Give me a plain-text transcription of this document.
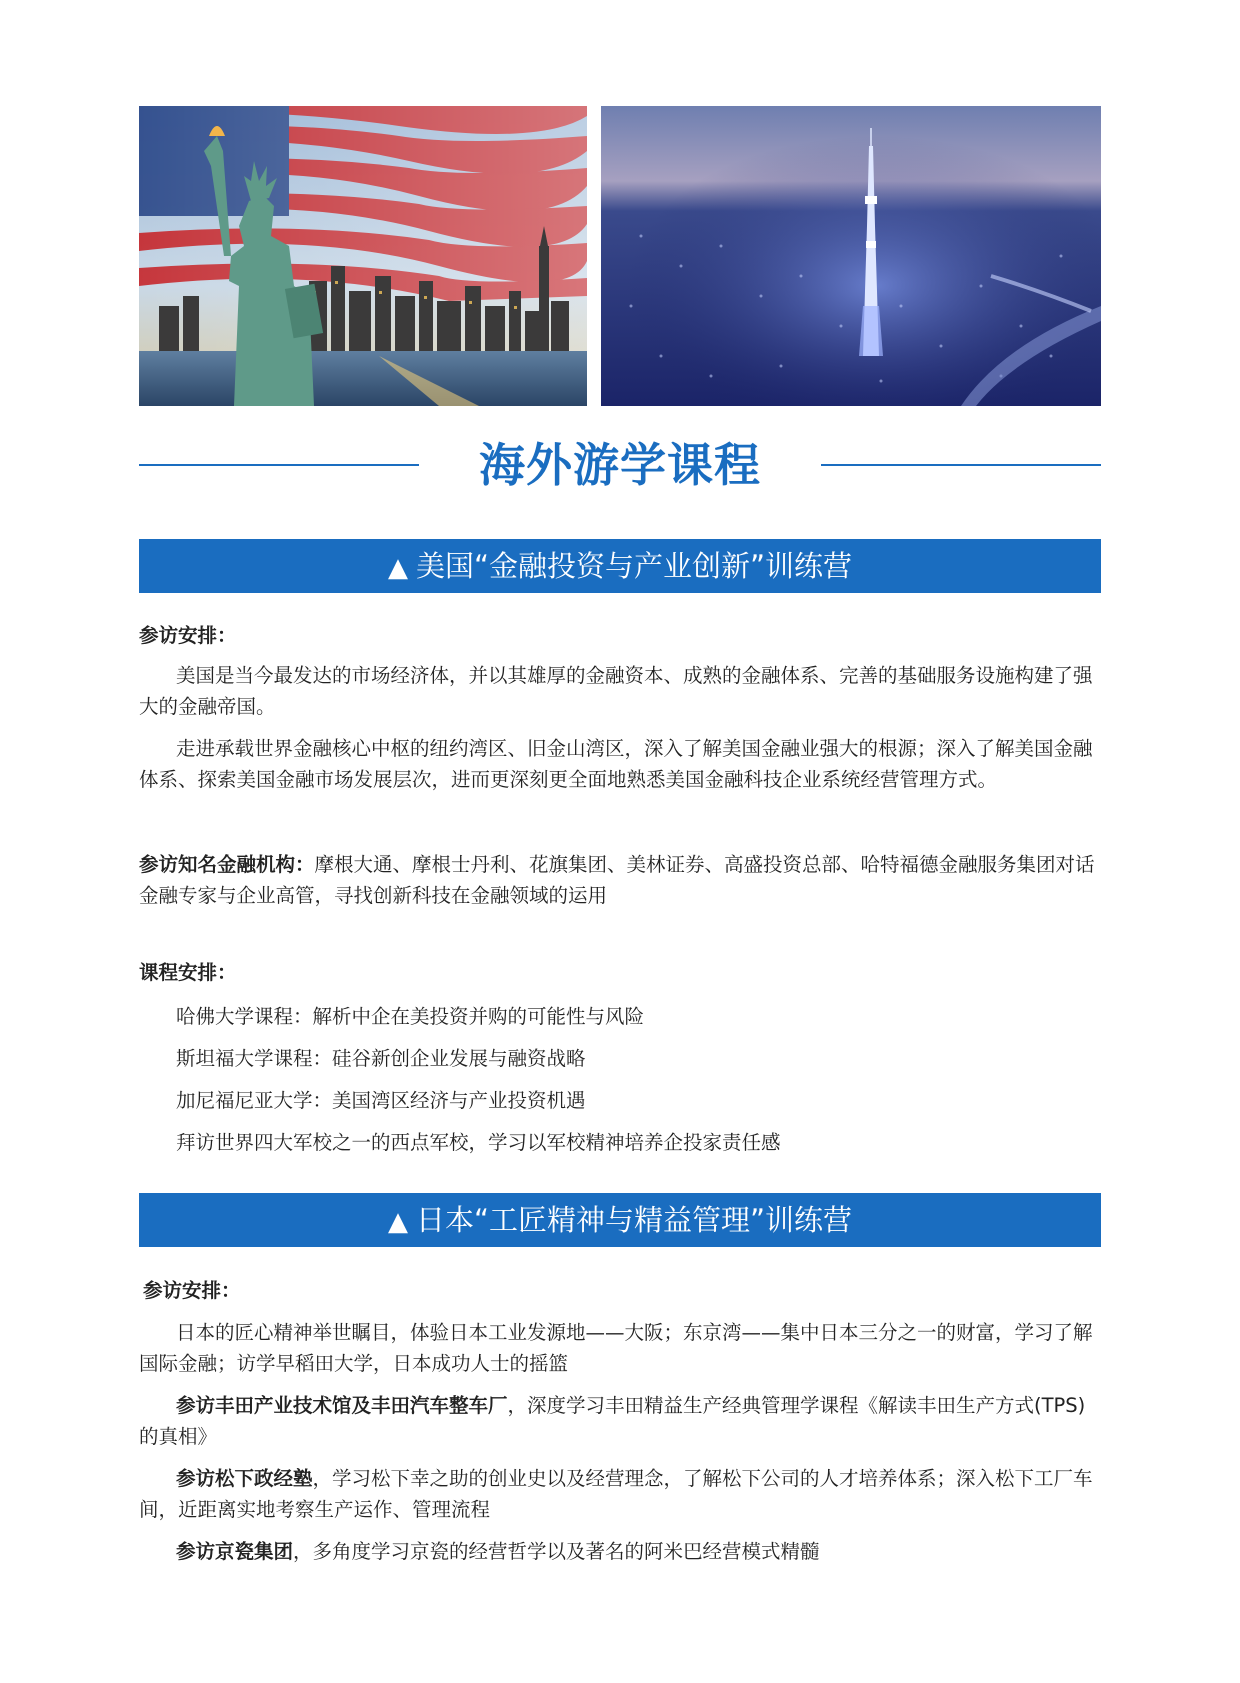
海外游学课程
▲ 美国“金融投资与产业创新”训练营
参访安排：

美国是当今最发达的市场经济体，并以其雄厚的金融资本、成熟的金融体系、完善的基础服务设施构建了强大的金融帝国。

走进承载世界金融核心中枢的纽约湾区、旧金山湾区，深入了解美国金融业强大的根源；深入了解美国金融体系、探索美国金融市场发展层次，进而更深刻更全面地熟悉美国金融科技企业系统经营管理方式。

参访知名金融机构：摩根大通、摩根士丹利、花旗集团、美林证券、高盛投资总部、哈特福德金融服务集团对话金融专家与企业高管，寻找创新科技在金融领域的运用
课程安排：

哈佛大学课程：解析中企在美投资并购的可能性与风险

斯坦福大学课程：硅谷新创企业发展与融资战略

加尼福尼亚大学：美国湾区经济与产业投资机遇

拜访世界四大军校之一的西点军校，学习以军校精神培养企投家责任感

▲ 日本“工匠精神与精益管理”训练营
参访安排：

日本的匠心精神举世瞩目，体验日本工业发源地——大阪；东京湾——集中日本三分之一的财富，学习了解国际金融；访学早稻田大学，日本成功人士的摇篮

参访丰田产业技术馆及丰田汽车整车厂，深度学习丰田精益生产经典管理学课程《解读丰田生产方式(TPS)的真相》

参访松下政经塾，学习松下幸之助的创业史以及经营理念，了解松下公司的人才培养体系；深入松下工厂车间，近距离实地考察生产运作、管理流程

参访京瓷集团，多角度学习京瓷的经营哲学以及著名的阿米巴经营模式精髓
